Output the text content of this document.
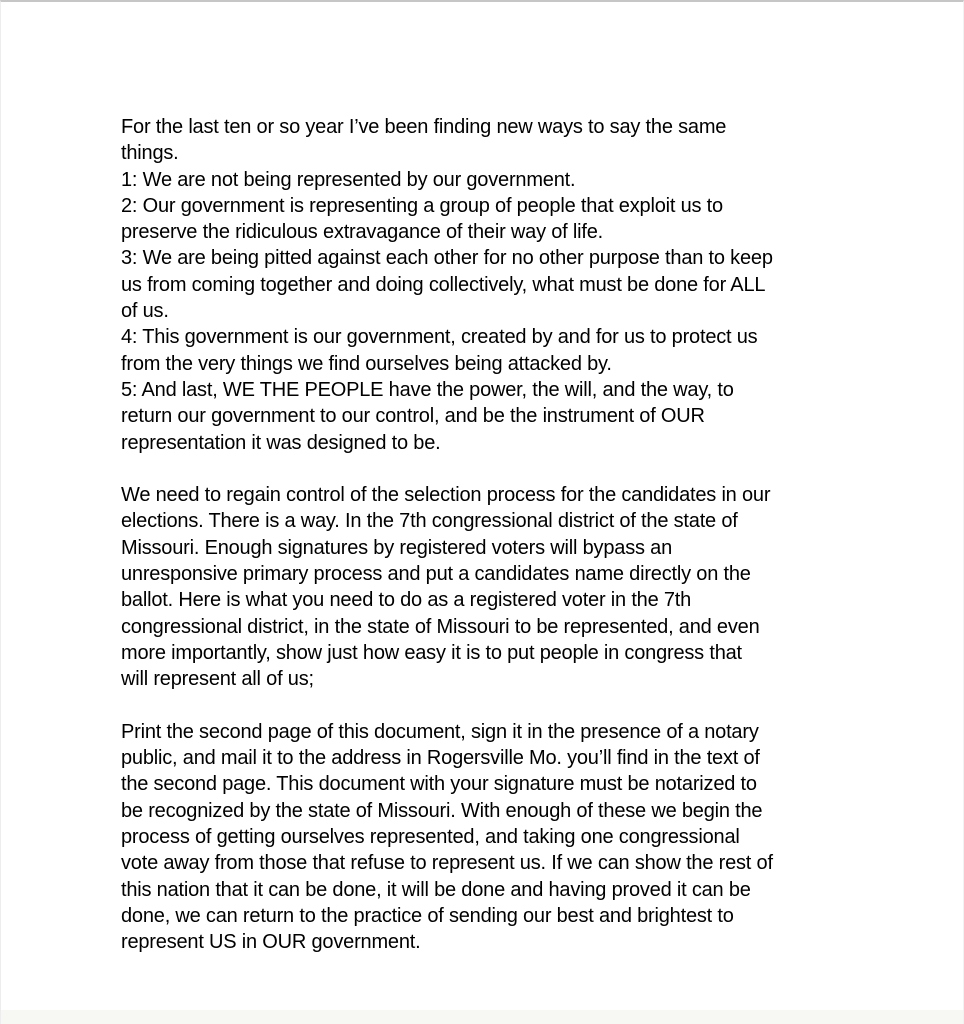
For the last ten or so year I’ve been finding new ways to say the same
things.
1: We are not being represented by our government.
2: Our government is representing a group of people that exploit us to
preserve the ridiculous extravagance of their way of life.
3: We are being pitted against each other for no other purpose than to keep
us from coming together and doing collectively, what must be done for ALL
of us.
4: This government is our government, created by and for us to protect us
from the very things we find ourselves being attacked by.
5: And last, WE THE PEOPLE have the power, the will, and the way, to
return our government to our control, and be the instrument of OUR
representation it was designed to be.
We need to regain control of the selection process for the candidates in our
elections. There is a way. In the 7th congressional district of the state of
Missouri. Enough signatures by registered voters will bypass an
unresponsive primary process and put a candidates name directly on the
ballot. Here is what you need to do as a registered voter in the 7th
congressional district, in the state of Missouri to be represented, and even
more importantly, show just how easy it is to put people in congress that
will represent all of us;
Print the second page of this document, sign it in the presence of a notary
public, and mail it to the address in Rogersville Mo. you’ll find in the text of
the second page. This document with your signature must be notarized to
be recognized by the state of Missouri. With enough of these we begin the
process of getting ourselves represented, and taking one congressional
vote away from those that refuse to represent us. If we can show the rest of
this nation that it can be done, it will be done and having proved it can be
done, we can return to the practice of sending our best and brightest to
represent US in OUR government.
